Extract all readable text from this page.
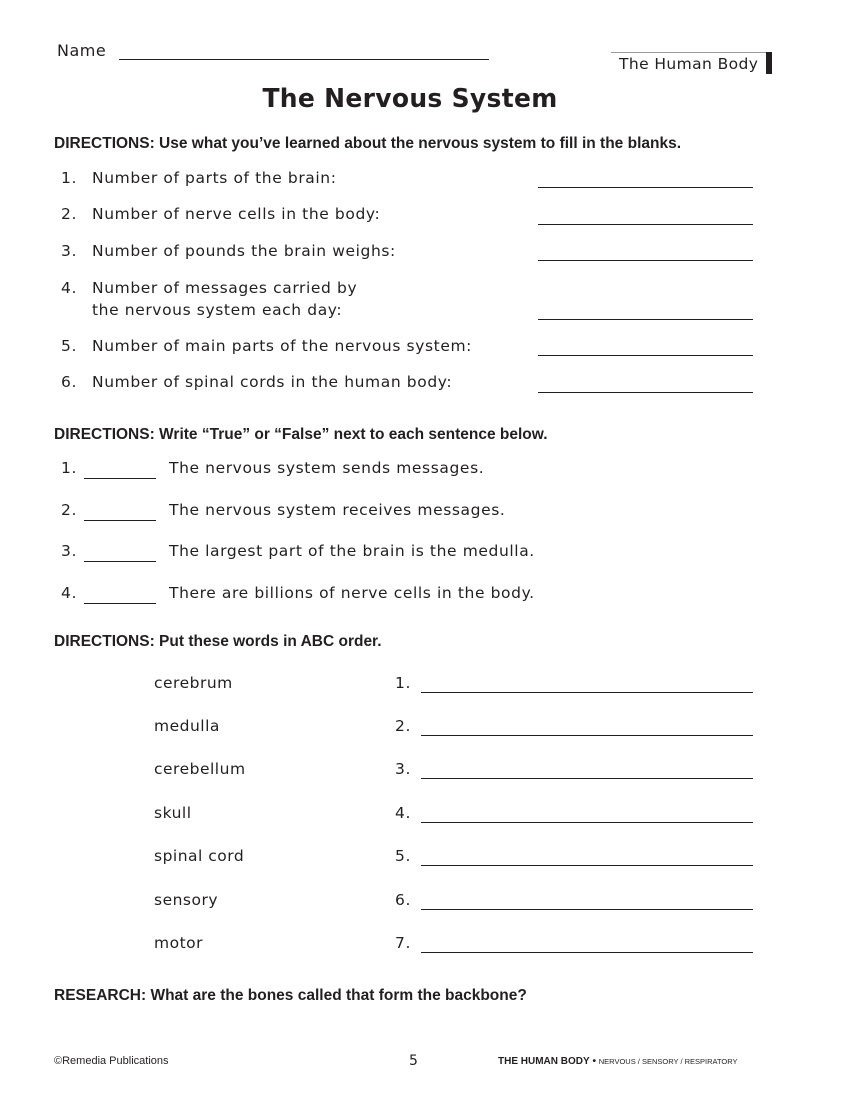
Name
The Human Body
The Nervous System
DIRECTIONS: Use what you’ve learned about the nervous system to fill in the blanks.
1. Number of parts of the brain:
2. Number of nerve cells in the body:
3. Number of pounds the brain weighs:
4. Number of messages carried by
the nervous system each day:
5. Number of main parts of the nervous system:
6. Number of spinal cords in the human body:
DIRECTIONS: Write “True” or “False” next to each sentence below.
1.	The nervous system sends messages.
2.	The nervous system receives messages.
3.	The largest part of the brain is the medulla.
4.	There are billions of nerve cells in the body.
DIRECTIONS: Put these words in ABC order.
cerebrum	1.
medulla	2.
cerebellum	3.
skull	4.
spinal cord	5.
sensory	6.
motor	7.
RESEARCH: What are the bones called that form the backbone?
©Remedia Publications	5	THE HUMAN BODY • NERVOUS / SENSORY / RESPIRATORY
